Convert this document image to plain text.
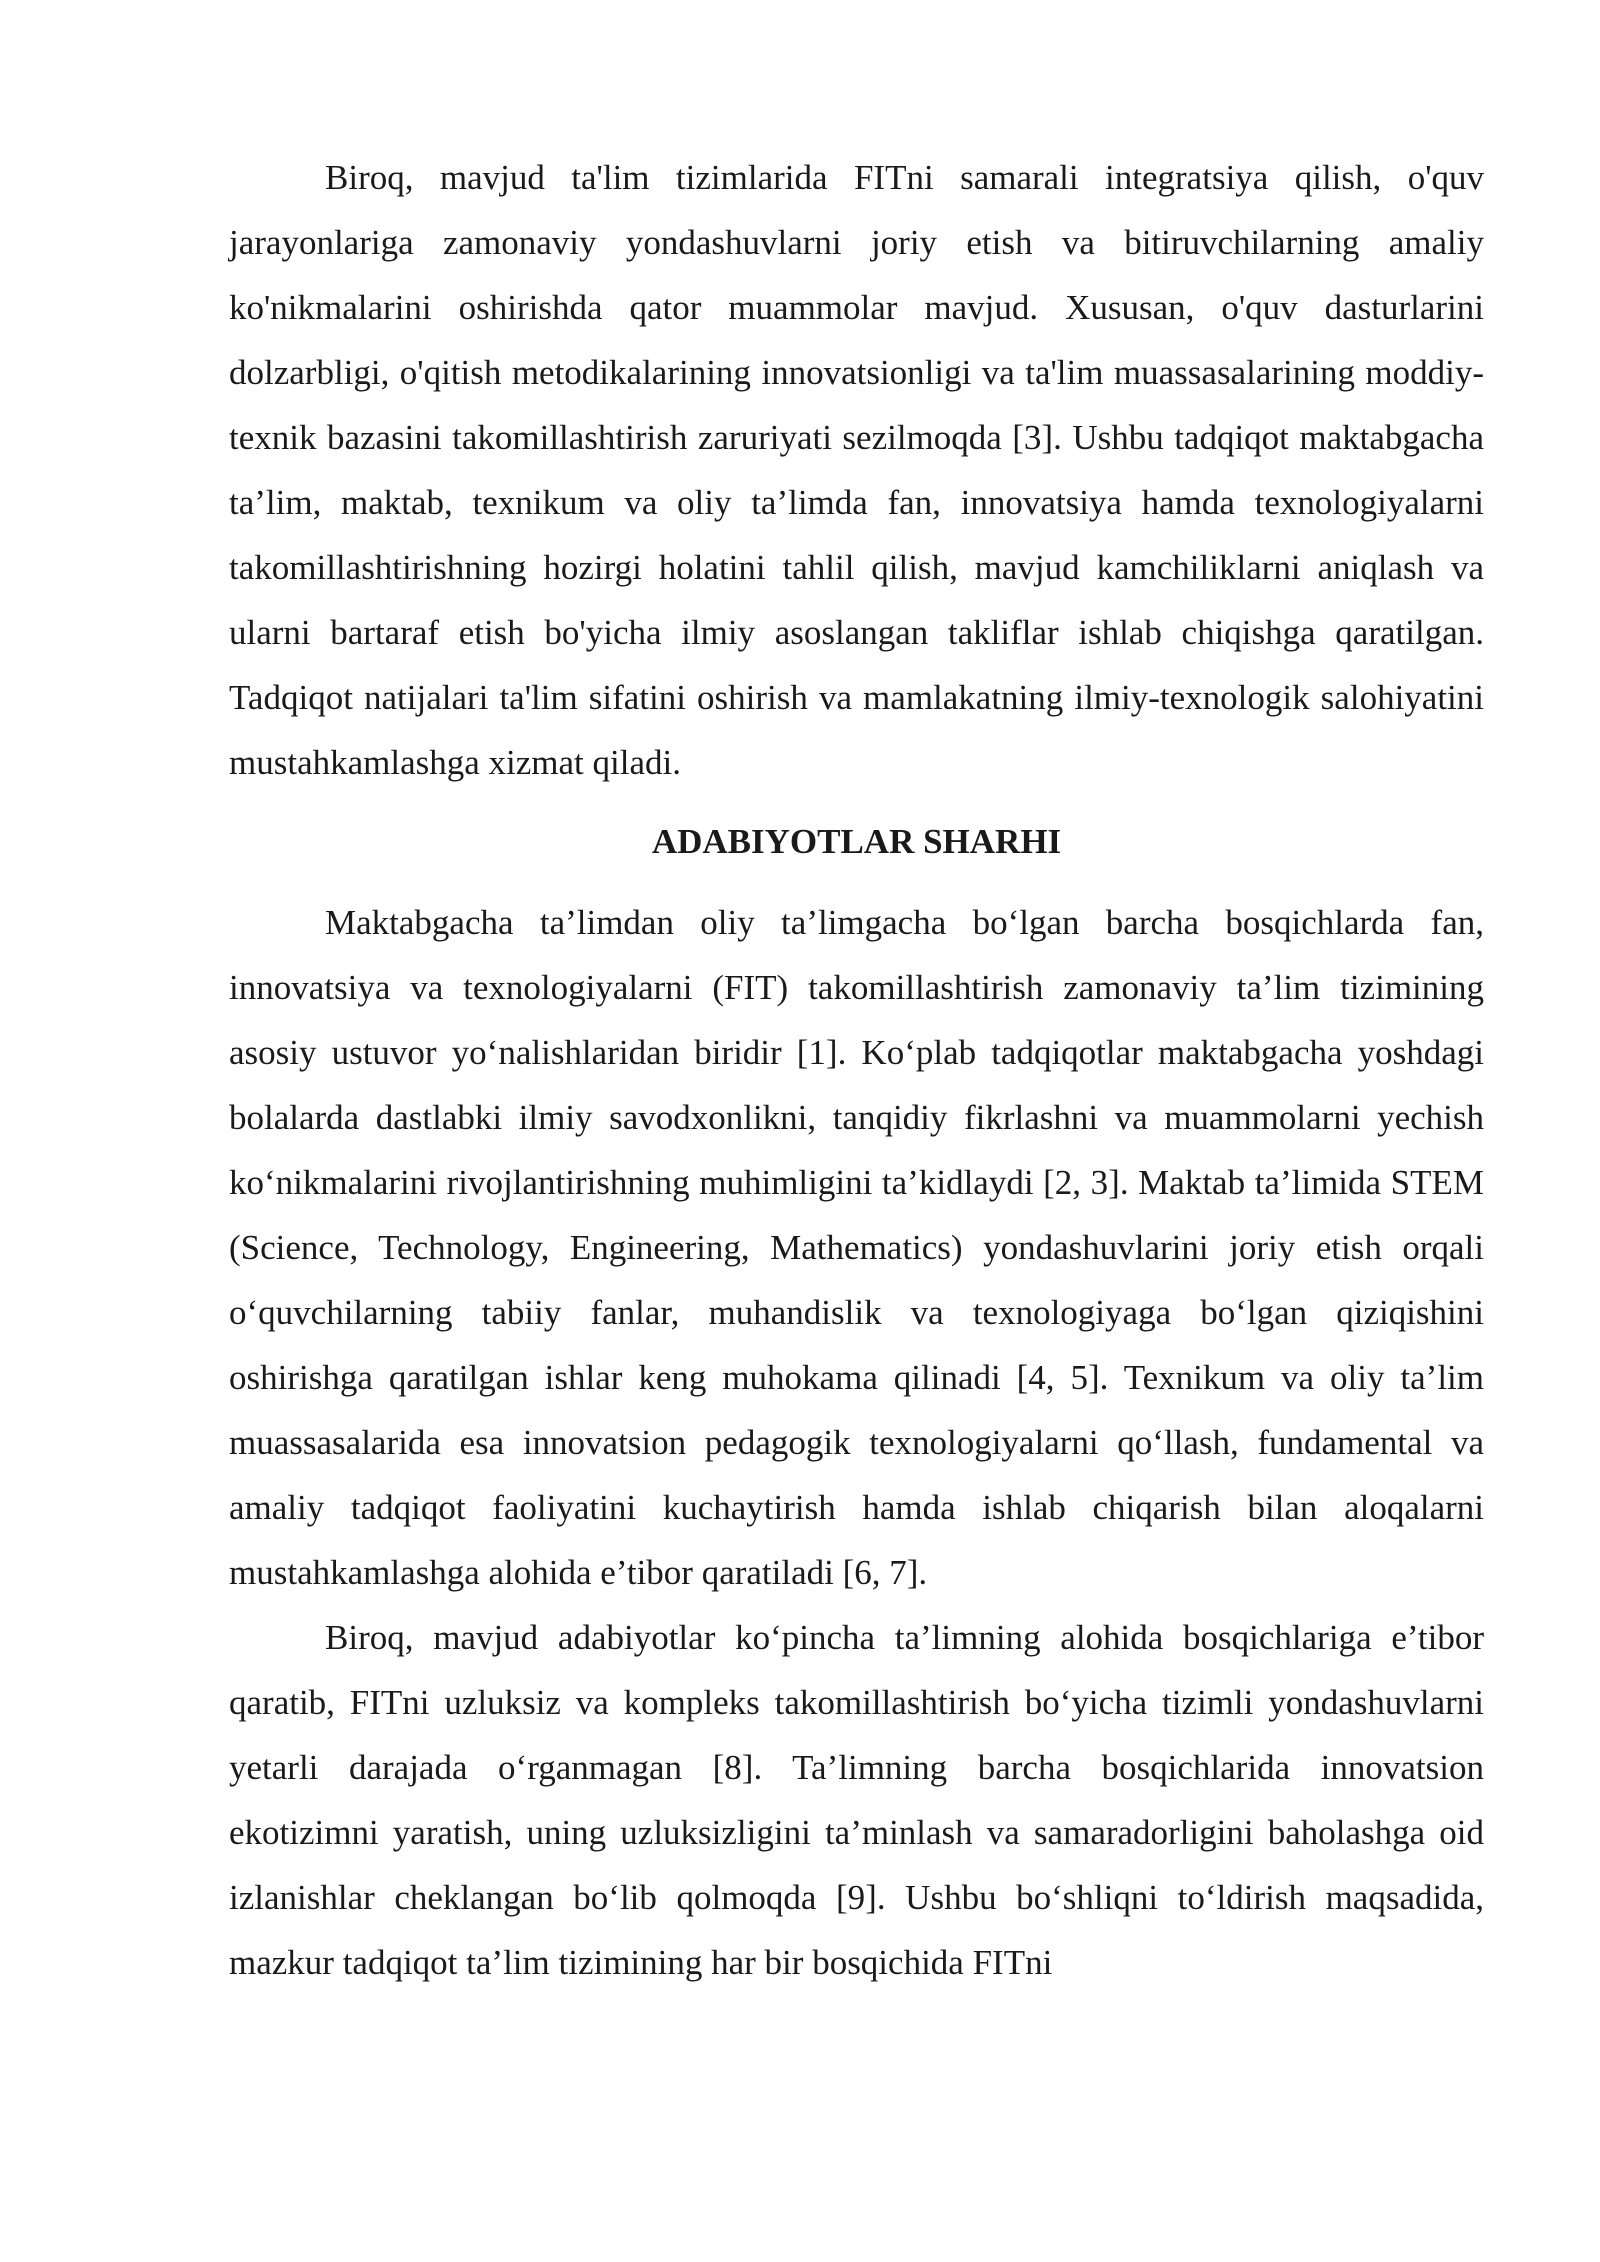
Biroq, mavjud ta'lim tizimlarida FITni samarali integratsiya qilish, o'quv jarayonlariga zamonaviy yondashuvlarni joriy etish va bitiruvchilarning amaliy ko'nikmalarini oshirishda qator muammolar mavjud. Xususan, o'quv dasturlarini dolzarbligi, o'qitish metodikalarining innovatsionligi va ta'lim muassasalarining moddiy-texnik bazasini takomillashtirish zaruriyati sezilmoqda [3]. Ushbu tadqiqot maktabgacha ta’lim, maktab, texnikum va oliy ta’limda fan, innovatsiya hamda texnologiyalarni takomillashtirishning hozirgi holatini tahlil qilish, mavjud kamchiliklarni aniqlash va ularni bartaraf etish bo'yicha ilmiy asoslangan takliflar ishlab chiqishga qaratilgan. Tadqiqot natijalari ta'lim sifatini oshirish va mamlakatning ilmiy-texnologik salohiyatini mustahkamlashga xizmat qiladi.

ADABIYOTLAR SHARHI

Maktabgacha ta’limdan oliy ta’limgacha bo‘lgan barcha bosqichlarda fan, innovatsiya va texnologiyalarni (FIT) takomillashtirish zamonaviy ta’lim tizimining asosiy ustuvor yo‘nalishlaridan biridir [1]. Ko‘plab tadqiqotlar maktabgacha yoshdagi bolalarda dastlabki ilmiy savodxonlikni, tanqidiy fikrlashni va muammolarni yechish ko‘nikmalarini rivojlantirishning muhimligini ta’kidlaydi [2, 3]. Maktab ta’limida STEM (Science, Technology, Engineering, Mathematics) yondashuvlarini joriy etish orqali o‘quvchilarning tabiiy fanlar, muhandislik va texnologiyaga bo‘lgan qiziqishini oshirishga qaratilgan ishlar keng muhokama qilinadi [4, 5]. Texnikum va oliy ta’lim muassasalarida esa innovatsion pedagogik texnologiyalarni qo‘llash, fundamental va amaliy tadqiqot faoliyatini kuchaytirish hamda ishlab chiqarish bilan aloqalarni mustahkamlashga alohida e’tibor qaratiladi [6, 7].

Biroq, mavjud adabiyotlar ko‘pincha ta’limning alohida bosqichlariga e’tibor qaratib, FITni uzluksiz va kompleks takomillashtirish bo‘yicha tizimli yondashuvlarni yetarli darajada o‘rganmagan [8]. Ta’limning barcha bosqichlarida innovatsion ekotizimni yaratish, uning uzluksizligini ta’minlash va samaradorligini baholashga oid izlanishlar cheklangan bo‘lib qolmoqda [9]. Ushbu bo‘shliqni to‘ldirish maqsadida, mazkur tadqiqot ta’lim tizimining har bir bosqichida FITni
